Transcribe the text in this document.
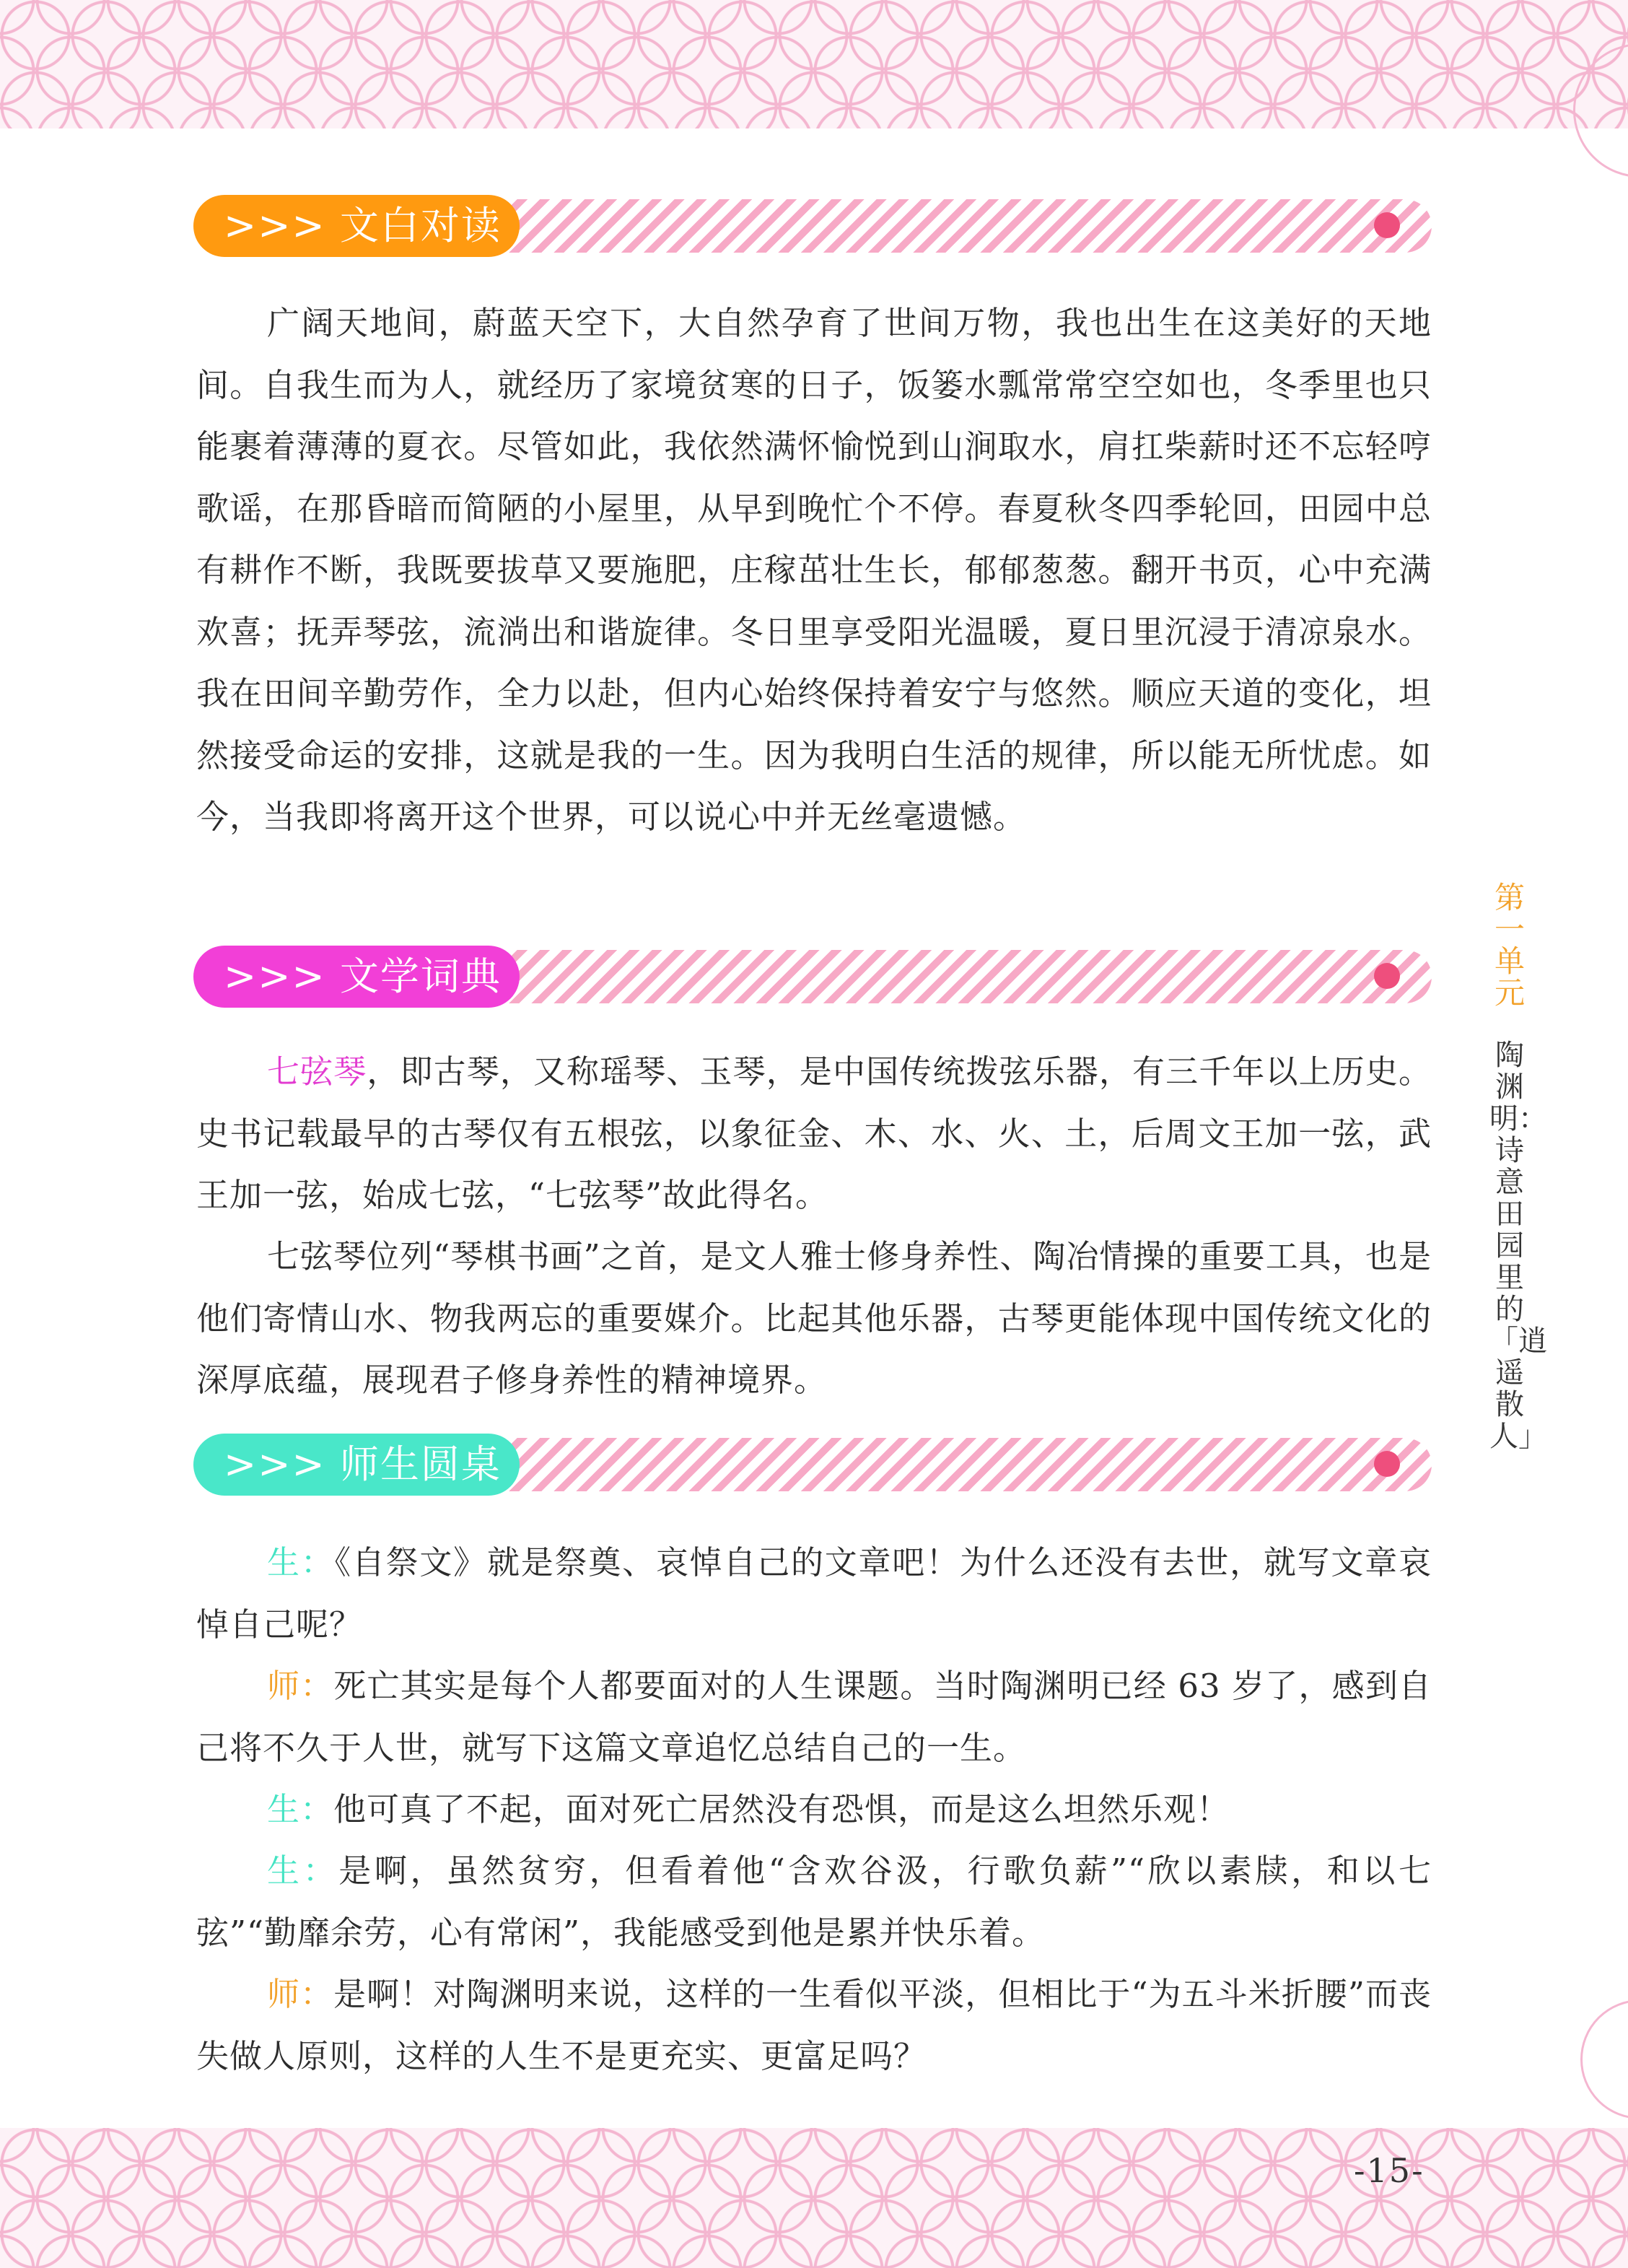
>>> 文白对读

广阔天地间，蔚蓝天空下，大自然孕育了世间万物，我也出生在这美好的天地间。自我生而为人，就经历了家境贫寒的日子，饭篓水瓢常常空空如也，冬季里也只能裹着薄薄的夏衣。尽管如此，我依然满怀愉悦到山涧取水，肩扛柴薪时还不忘轻哼歌谣，在那昏暗而简陋的小屋里，从早到晚忙个不停。春夏秋冬四季轮回，田园中总有耕作不断，我既要拔草又要施肥，庄稼茁壮生长，郁郁葱葱。翻开书页，心中充满欢喜；抚弄琴弦，流淌出和谐旋律。冬日里享受阳光温暖，夏日里沉浸于清凉泉水。我在田间辛勤劳作，全力以赴，但内心始终保持着安宁与悠然。顺应天道的变化，坦然接受命运的安排，这就是我的一生。因为我明白生活的规律，所以能无所忧虑。如今，当我即将离开这个世界，可以说心中并无丝毫遗憾。

>>> 文学词典

七弦琴，即古琴，又称瑶琴、玉琴，是中国传统拨弦乐器，有三千年以上历史。史书记载最早的古琴仅有五根弦，以象征金、木、水、火、土，后周文王加一弦，武王加一弦，始成七弦，“七弦琴”故此得名。

七弦琴位列“琴棋书画”之首，是文人雅士修身养性、陶冶情操的重要工具，也是他们寄情山水、物我两忘的重要媒介。比起其他乐器，古琴更能体现中国传统文化的深厚底蕴，展现君子修身养性的精神境界。

>>> 师生圆桌

生：《自祭文》就是祭奠、哀悼自己的文章吧！为什么还没有去世，就写文章哀悼自己呢？

师：死亡其实是每个人都要面对的人生课题。当时陶渊明已经 63 岁了，感到自己将不久于人世，就写下这篇文章追忆总结自己的一生。

生：他可真了不起，面对死亡居然没有恐惧，而是这么坦然乐观！

生：是啊，虽然贫穷，但看着他“含欢谷汲，行歌负薪”“欣以素牍，和以七弦”“勤靡余劳，心有常闲”，我能感受到他是累并快乐着。

师：是啊！对陶渊明来说，这样的一生看似平淡，但相比于“为五斗米折腰”而丧失做人原则，这样的人生不是更充实、更富足吗？

第一单元
陶渊明：诗意田园里的「逍遥散人」
-15-
